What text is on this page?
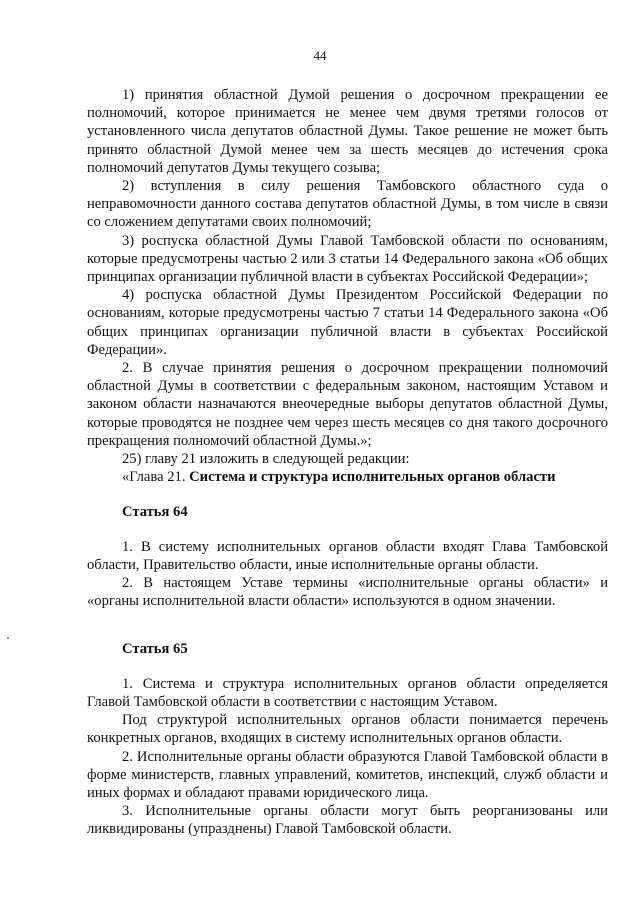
44

1) принятия областной Думой решения о досрочном прекращении ее полномочий, которое принимается не менее чем двумя третями голосов от установленного числа депутатов областной Думы. Такое решение не может быть принято областной Думой менее чем за шесть месяцев до истечения срока полномочий депутатов Думы текущего созыва;

2) вступления в силу решения Тамбовского областного суда о неправомочности данного состава депутатов областной Думы, в том числе в связи со сложением депутатами своих полномочий;

3) роспуска областной Думы Главой Тамбовской области по основаниям, которые предусмотрены частью 2 или 3 статьи 14 Федерального закона «Об общих принципах организации публичной власти в субъектах Российской Федерации»;

4) роспуска областной Думы Президентом Российской Федерации по основаниям, которые предусмотрены частью 7 статьи 14 Федерального закона «Об общих принципах организации публичной власти в субъектах Российской Федерации».

2. В случае принятия решения о досрочном прекращении полномочий областной Думы в соответствии с федеральным законом, настоящим Уставом и законом области назначаются внеочередные выборы депутатов областной Думы, которые проводятся не позднее чем через шесть месяцев со дня такого досрочного прекращения полномочий областной Думы.»;

25) главу 21 изложить в следующей редакции:

«Глава 21. Система и структура исполнительных органов области

Статья 64

1. В систему исполнительных органов области входят Глава Тамбовской области, Правительство области, иные исполнительные органы области.

2. В настоящем Уставе термины «исполнительные органы области» и «органы исполнительной власти области» используются в одном значении.

Статья 65

1. Система и структура исполнительных органов области определяется Главой Тамбовской области в соответствии с настоящим Уставом.

Под структурой исполнительных органов области понимается перечень конкретных органов, входящих в систему исполнительных органов области.

2. Исполнительные органы области образуются Главой Тамбовской области в форме министерств, главных управлений, комитетов, инспекций, служб области и иных формах и обладают правами юридического лица.

3. Исполнительные органы области могут быть реорганизованы или ликвидированы (упразднены) Главой Тамбовской области.
